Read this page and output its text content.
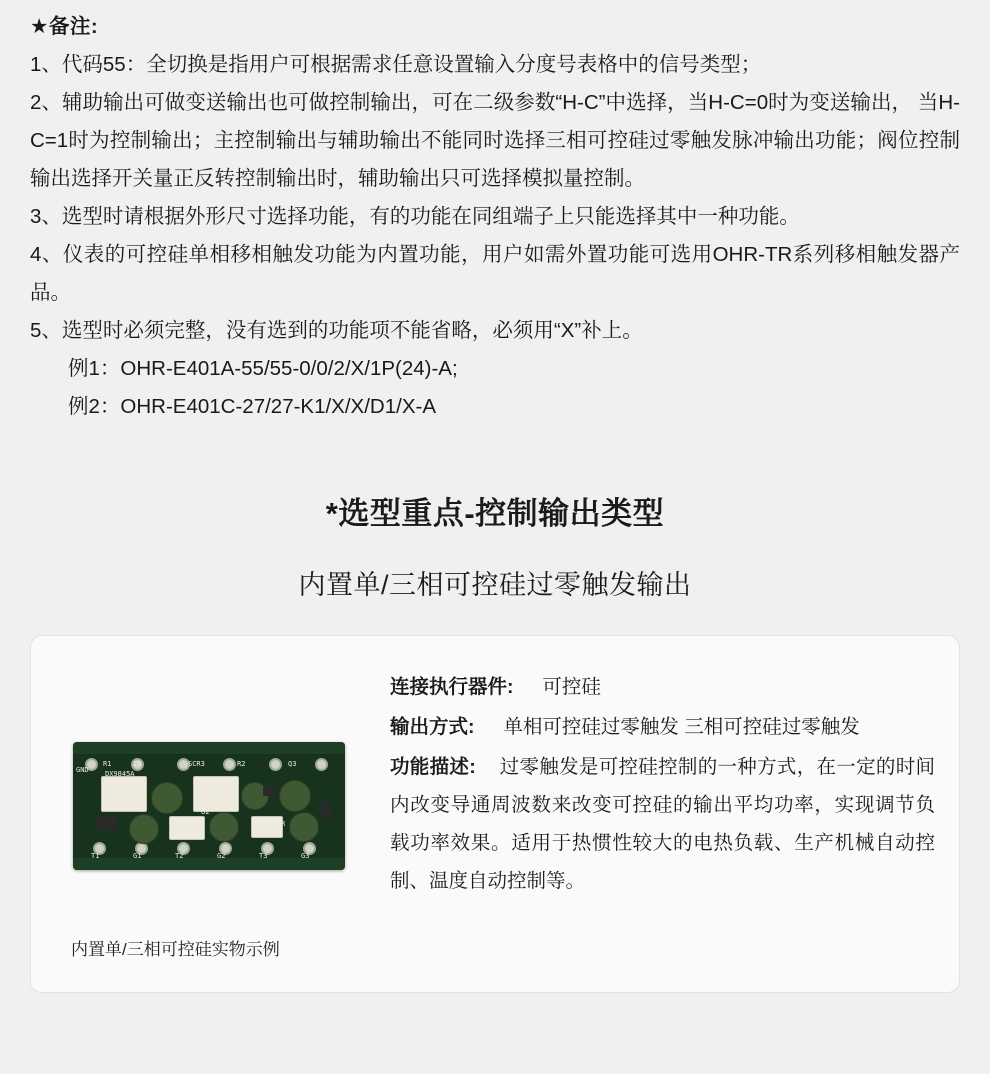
★备注:
1、代码55：全切换是指用户可根据需求任意设置输入分度号表格中的信号类型；
2、辅助输出可做变送输出也可做控制输出，可在二级参数“H-C”中选择，当H-C=0时为变送输出， 当H-C=1时为控制输出；主控制输出与辅助输出不能同时选择三相可控硅过零触发脉冲输出功能；阀位控制输出选择开关量正反转控制输出时，辅助输出只可选择模拟量控制。
3、选型时请根据外形尺寸选择功能，有的功能在同组端子上只能选择其中一种功能。
4、仪表的可控硅单相移相触发功能为内置功能，用户如需外置功能可选用OHR-TR系列移相触发器产品。
5、选型时必须完整，没有选到的功能项不能省略，必须用“X”补上。
例1：OHR-E401A-55/55-0/0/2/X/1P(24)-A;
例2：OHR-E401C-27/27-K1/X/X/D1/X-A
*选型重点-控制输出类型
内置单/三相可控硅过零触发输出
GND
R1	IO	SCR3	R2	Q3
DX9845A
U2
R
T1	G1	T2	G2	T3	G3
连接执行器件: 可控硅
输出方式: 单相可控硅过零触发 三相可控硅过零触发
功能描述: 过零触发是可控硅控制的一种方式，在一定的时间内改变导通周波数来改变可控硅的输出平均功率，实现调节负载功率效果。适用于热惯性较大的电热负载、生产机械自动控制、温度自动控制等。
内置单/三相可控硅实物示例
